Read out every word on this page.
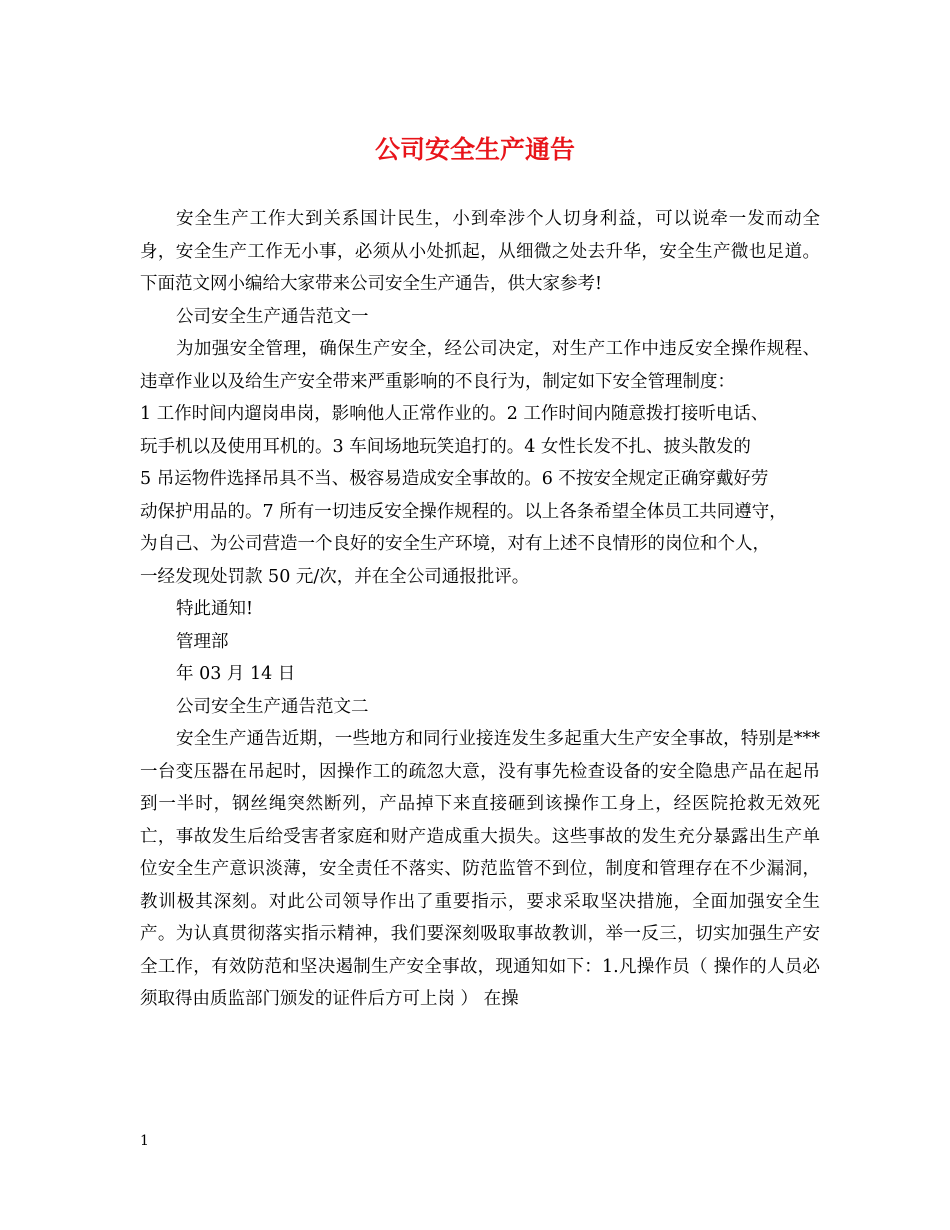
公司安全生产通告

安全生产工作大到关系国计民生，小到牵涉个人切身利益，可以说牵一发而动全身，安全生产工作无小事，必须从小处抓起，从细微之处去升华，安全生产微也足道。下面范文网小编给大家带来公司安全生产通告，供大家参考!

公司安全生产通告范文一

为加强安全管理，确保生产安全，经公司决定，对生产工作中违反安全操作规程、违章作业以及给生产安全带来严重影响的不良行为，制定如下安全管理制度：

1 工作时间内遛岗串岗，影响他人正常作业的。2 工作时间内随意拨打接听电话、

玩手机以及使用耳机的。3 车间场地玩笑追打的。4 女性长发不扎、披头散发的

5 吊运物件选择吊具不当、极容易造成安全事故的。6 不按安全规定正确穿戴好劳

动保护用品的。7 所有一切违反安全操作规程的。以上各条希望全体员工共同遵守，

为自己、为公司营造一个良好的安全生产环境，对有上述不良情形的岗位和个人，

一经发现处罚款 50 元/次，并在全公司通报批评。

特此通知!

管理部

年 03 月 14 日

公司安全生产通告范文二

安全生产通告近期，一些地方和同行业接连发生多起重大生产安全事故，特别是***一台变压器在吊起时，因操作工的疏忽大意，没有事先检查设备的安全隐患产品在起吊到一半时，钢丝绳突然断列，产品掉下来直接砸到该操作工身上，经医院抢救无效死亡，事故发生后给受害者家庭和财产造成重大损失。这些事故的发生充分暴露出生产单位安全生产意识淡薄，安全责任不落实、防范监管不到位，制度和管理存在不少漏洞，教训极其深刻。对此公司领导作出了重要指示，要求采取坚决措施，全面加强安全生产。为认真贯彻落实指示精神，我们要深刻吸取事故教训，举一反三，切实加强生产安全工作，有效防范和坚决遏制生产安全事故，现通知如下：1.凡操作员（ 操作的人员必须取得由质监部门颁发的证件后方可上岗 ） 在操

1
